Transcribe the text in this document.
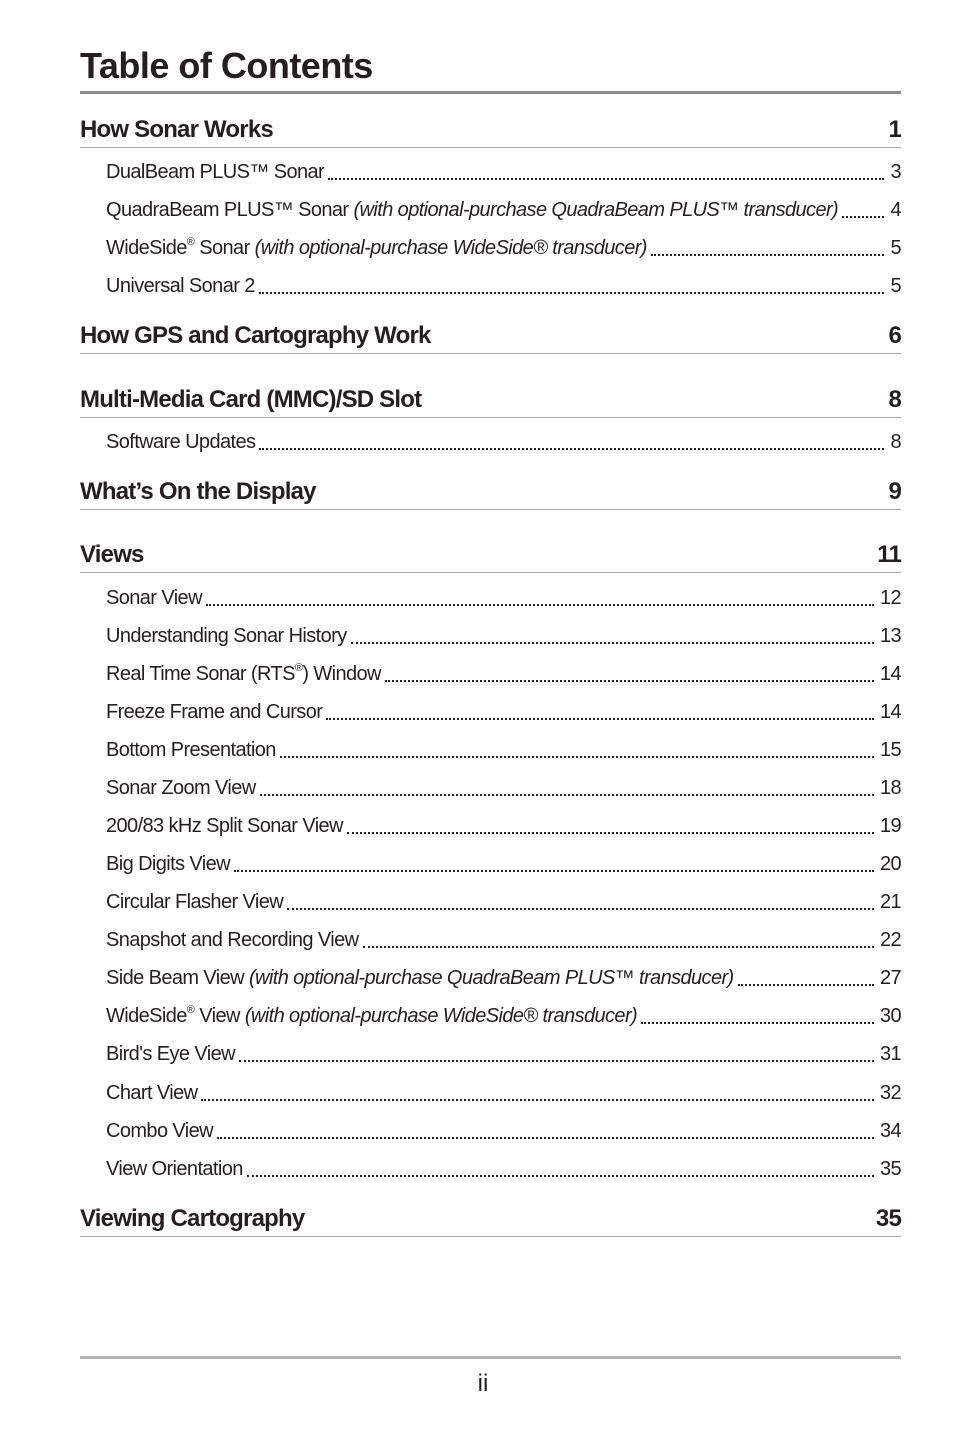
Table of Contents
How Sonar Works	1
DualBeam PLUS™ Sonar	3
QuadraBeam PLUS™ Sonar (with optional-purchase QuadraBeam PLUS™ transducer)	4
WideSide® Sonar (with optional-purchase WideSide® transducer)	5
Universal Sonar 2	5
How GPS and Cartography Work	6
Multi-Media Card (MMC)/SD Slot	8
Software Updates	8
What’s On the Display	9
Views	11
Sonar View	12
Understanding Sonar History	13
Real Time Sonar (RTS®) Window	14
Freeze Frame and Cursor	14
Bottom Presentation	15
Sonar Zoom View	18
200/83 kHz Split Sonar View	19
Big Digits View	20
Circular Flasher View	21
Snapshot and Recording View	22
Side Beam View (with optional-purchase QuadraBeam PLUS™ transducer)	27
WideSide® View (with optional-purchase WideSide® transducer)	30
Bird's Eye View	31
Chart View	32
Combo View	34
View Orientation	35
Viewing Cartography	35
ii
